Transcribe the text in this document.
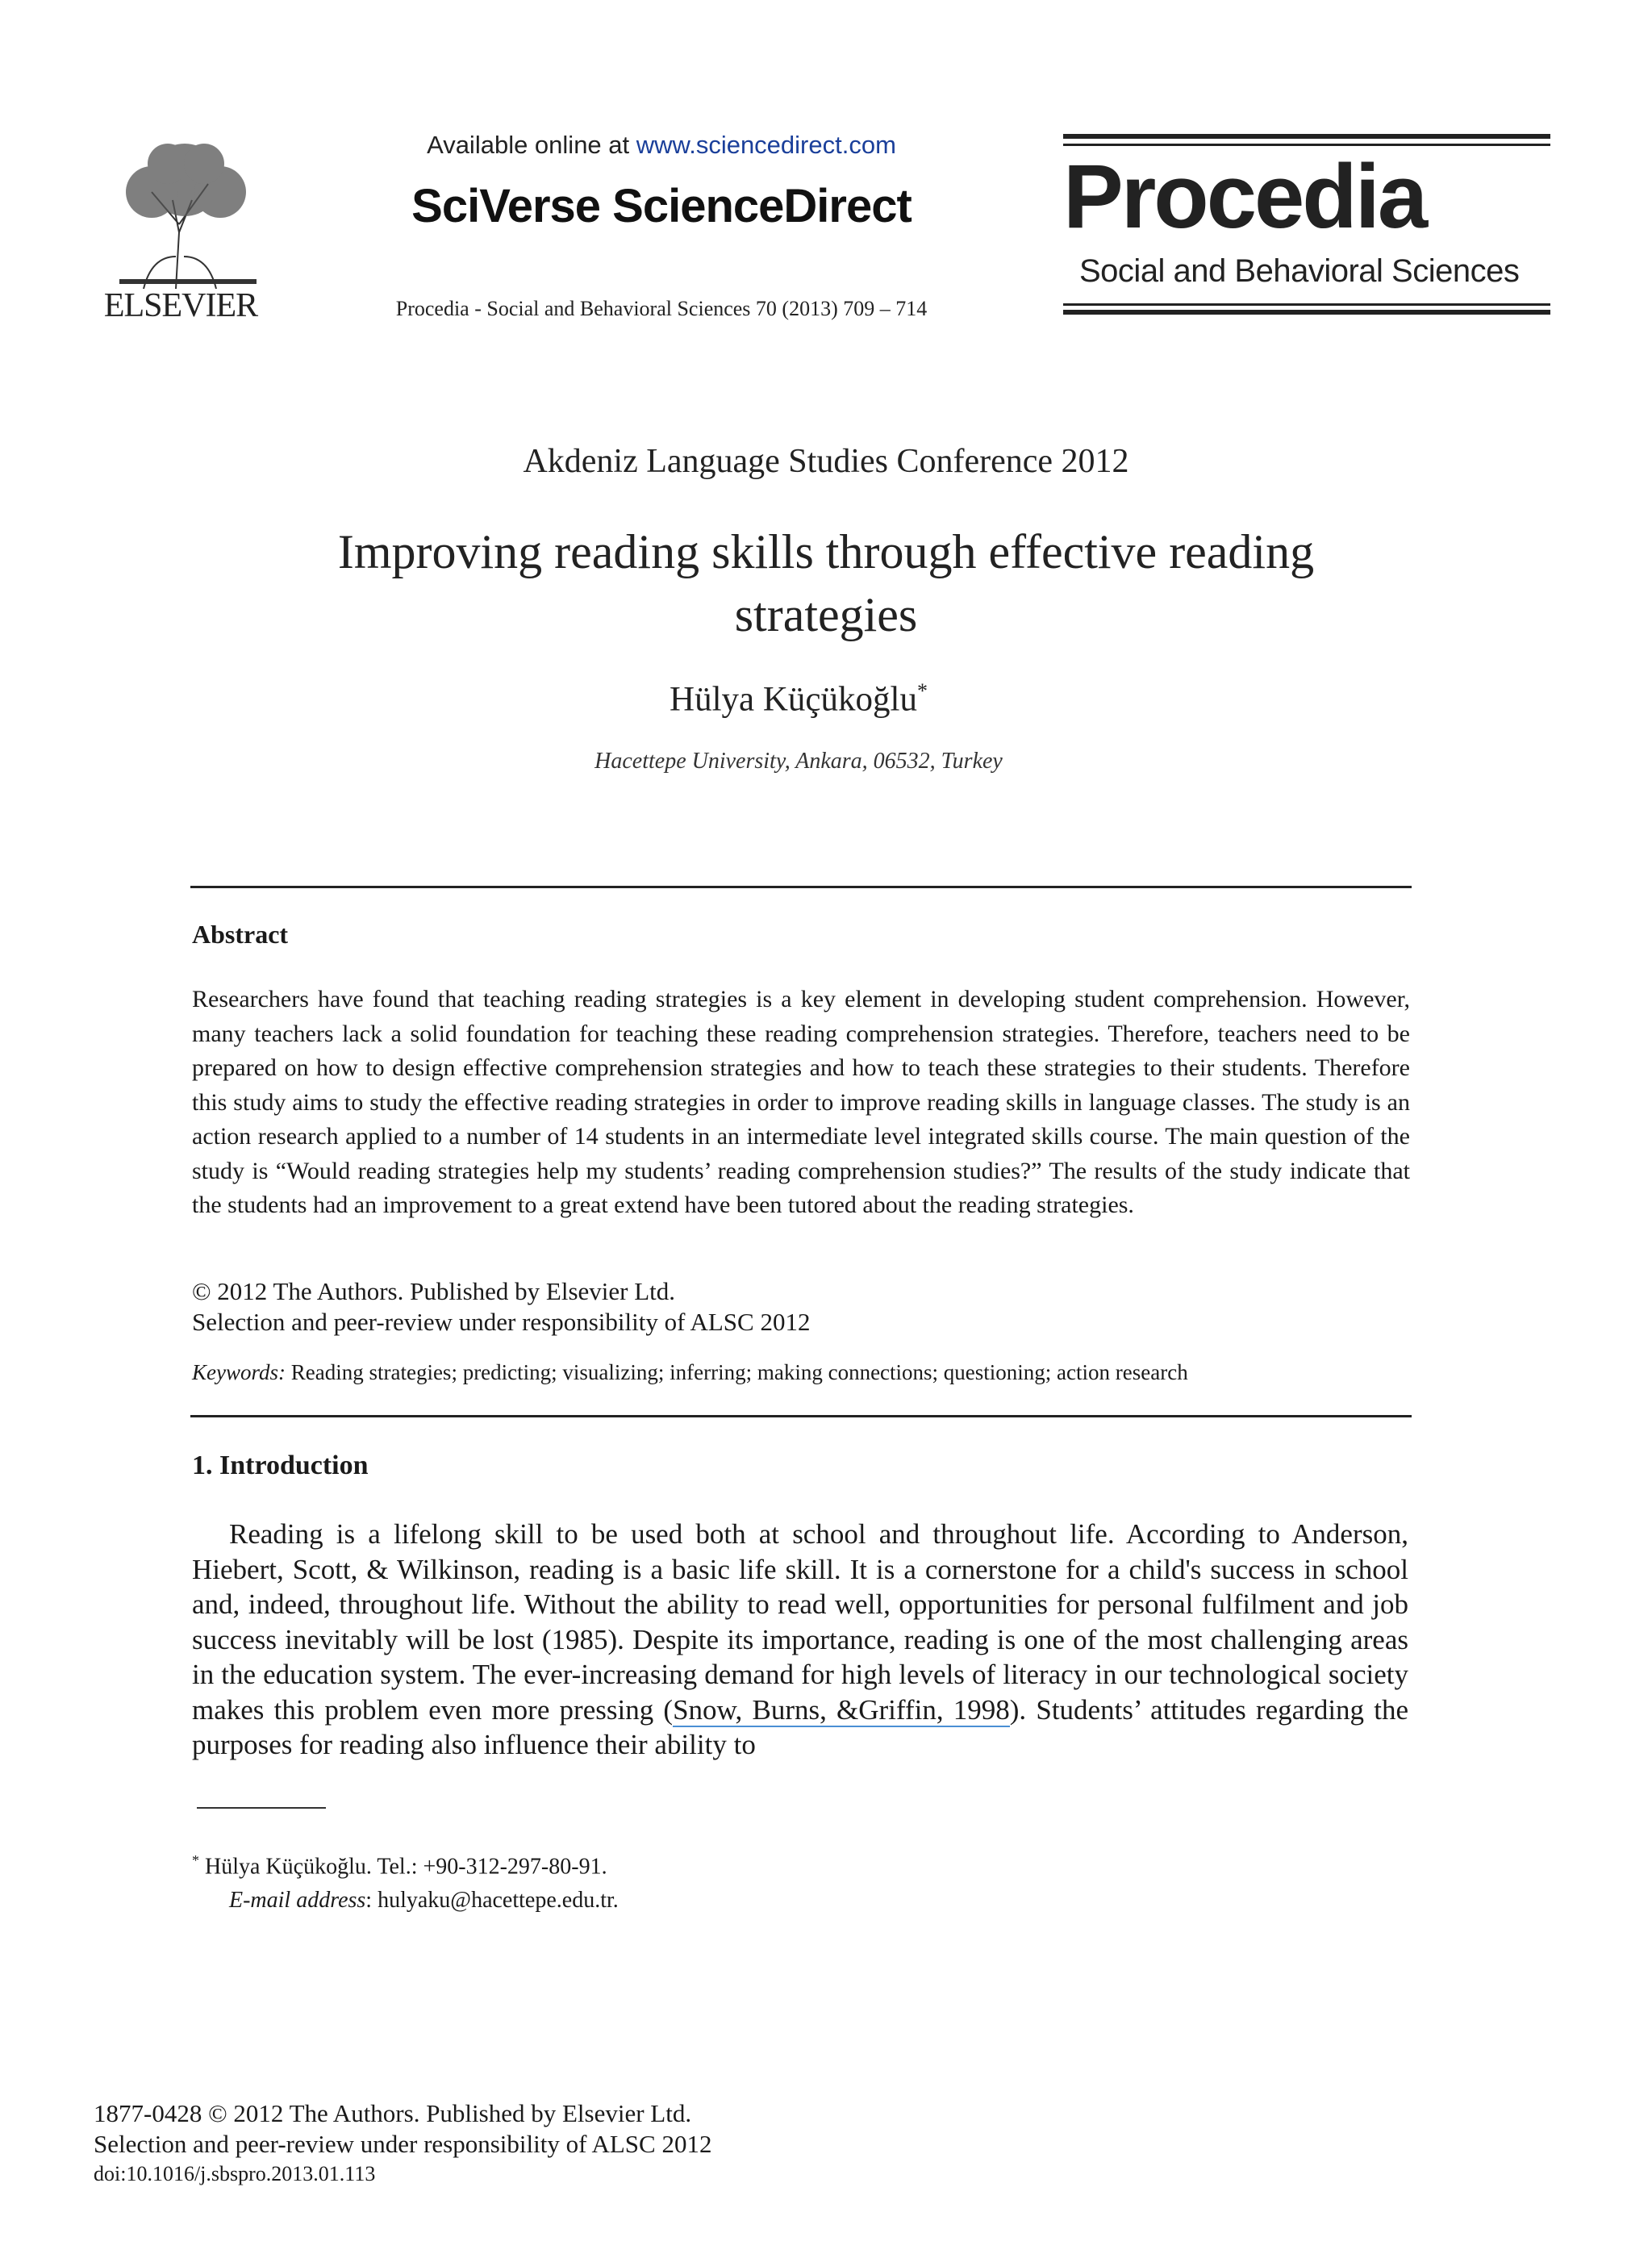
ELSEVIER
Available online at www.sciencedirect.com
SciVerse ScienceDirect
Procedia - Social and Behavioral Sciences 70 (2013) 709 – 714
Procedia
Social and Behavioral Sciences
Akdeniz Language Studies Conference 2012
Improving reading skills through effective reading
strategies
Hülya Küçükoğlu*
Hacettepe University, Ankara, 06532, Turkey
Abstract
Researchers have found that teaching reading strategies is a key element in developing student comprehension. However, many teachers lack a solid foundation for teaching these reading comprehension strategies. Therefore, teachers need to be prepared on how to design effective comprehension strategies and how to teach these strategies to their students. Therefore this study aims to study the effective reading strategies in order to improve reading skills in language classes. The study is an action research applied to a number of 14 students in an intermediate level integrated skills course. The main question of the study is “Would reading strategies help my students’ reading comprehension studies?” The results of the study indicate that the students had an improvement to a great extend have been tutored about the reading strategies.
© 2012 The Authors. Published by Elsevier Ltd.
Selection and peer-review under responsibility of ALSC 2012
Keywords: Reading strategies; predicting; visualizing; inferring; making connections; questioning; action research
1. Introduction
Reading is a lifelong skill to be used both at school and throughout life. According to Anderson, Hiebert, Scott, & Wilkinson, reading is a basic life skill. It is a cornerstone for a child's success in school and, indeed, throughout life. Without the ability to read well, opportunities for personal fulfilment and job success inevitably will be lost (1985). Despite its importance, reading is one of the most challenging areas in the education system. The ever-increasing demand for high levels of literacy in our technological society makes this problem even more pressing (Snow, Burns, &Griffin, 1998). Students’ attitudes regarding the purposes for reading also influence their ability to
* Hülya Küçükoğlu. Tel.: +90-312-297-80-91.
E-mail address: hulyaku@hacettepe.edu.tr.
1877-0428 © 2012 The Authors. Published by Elsevier Ltd.
Selection and peer-review under responsibility of ALSC 2012
doi:10.1016/j.sbspro.2013.01.113
